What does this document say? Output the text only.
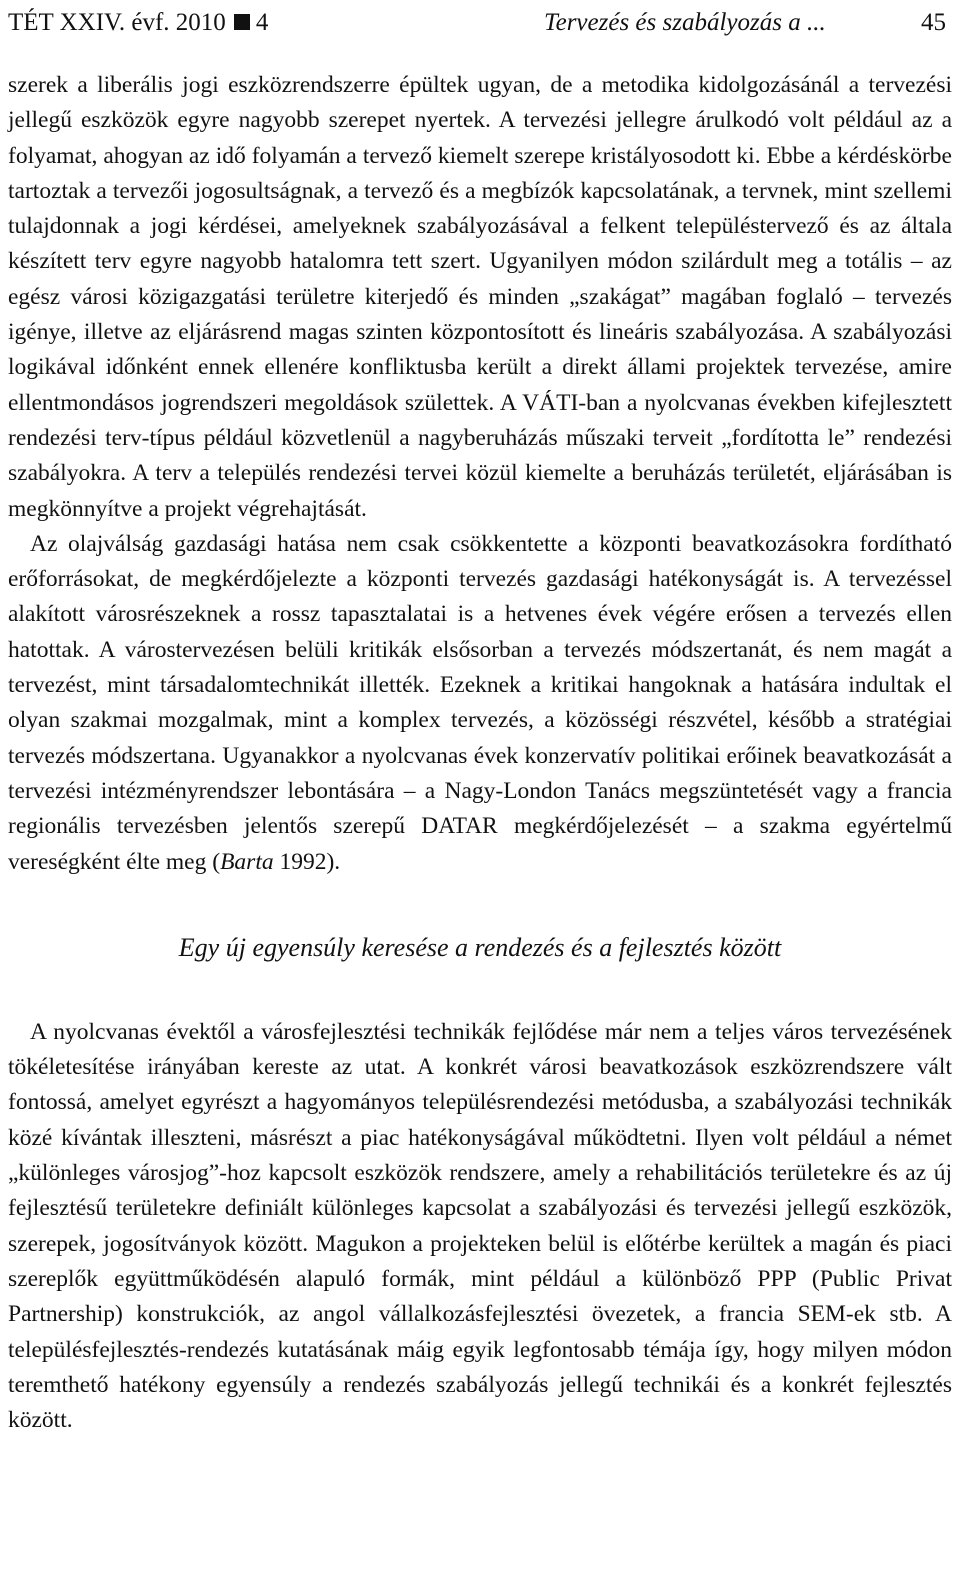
TÉT XXIV. évf. 2010 4	Tervezés és szabályozás a ...	45

szerek a liberális jogi eszközrendszerre épültek ugyan, de a metodika kidolgozásánál a tervezési jellegű eszközök egyre nagyobb szerepet nyertek. A tervezési jellegre árulkodó volt például az a folyamat, ahogyan az idő folyamán a tervező kiemelt szerepe kristályosodott ki. Ebbe a kérdéskörbe tartoztak a tervezői jogosultságnak, a tervező és a megbízók kapcsolatának, a tervnek, mint szellemi tulajdonnak a jogi kérdései, amelyeknek szabályozásával a felkent településtervező és az általa készített terv egyre nagyobb hatalomra tett szert. Ugyanilyen módon szilárdult meg a totális – az egész városi közigazgatási területre kiterjedő és minden „szakágat” magában foglaló – tervezés igénye, illetve az eljárásrend magas szinten központosított és lineáris szabályozása. A szabályozási logikával időnként ennek ellenére konfliktusba került a direkt állami projektek tervezése, amire ellentmondásos jogrendszeri megoldások születtek. A VÁTI-ban a nyolcvanas években kifejlesztett rendezési terv-típus például közvetlenül a nagyberuházás műszaki terveit „fordította le” rendezési szabályokra. A terv a település rendezési tervei közül kiemelte a beruházás területét, eljárásában is megkönnyítve a projekt végrehajtását.

Az olajválság gazdasági hatása nem csak csökkentette a központi beavatkozásokra fordítható erőforrásokat, de megkérdőjelezte a központi tervezés gazdasági hatékonyságát is. A tervezéssel alakított városrészeknek a rossz tapasztalatai is a hetvenes évek végére erősen a tervezés ellen hatottak. A várostervezésen belüli kritikák elsősorban a tervezés módszertanát, és nem magát a tervezést, mint társadalomtechnikát illették. Ezeknek a kritikai hangoknak a hatására indultak el olyan szakmai mozgalmak, mint a komplex tervezés, a közösségi részvétel, később a stratégiai tervezés módszertana. Ugyanakkor a nyolcvanas évek konzervatív politikai erőinek beavatkozását a tervezési intézményrendszer lebontására – a Nagy-London Tanács megszüntetését vagy a francia regionális tervezésben jelentős szerepű DATAR megkérdőjelezését – a szakma egyértelmű vereségként élte meg (Barta 1992).

Egy új egyensúly keresése a rendezés és a fejlesztés között

A nyolcvanas évektől a városfejlesztési technikák fejlődése már nem a teljes város tervezésének tökéletesítése irányában kereste az utat. A konkrét városi beavatkozások eszközrendszere vált fontossá, amelyet egyrészt a hagyományos településrendezési metódusba, a szabályozási technikák közé kívántak illeszteni, másrészt a piac hatékonyságával működtetni. Ilyen volt például a német „különleges városjog”-hoz kapcsolt eszközök rendszere, amely a rehabilitációs területekre és az új fejlesztésű területekre definiált különleges kapcsolat a szabályozási és tervezési jellegű eszközök, szerepek, jogosítványok között. Magukon a projekteken belül is előtérbe kerültek a magán és piaci szereplők együttműködésén alapuló formák, mint például a különböző PPP (Public Privat Partnership) konstrukciók, az angol vállalkozásfejlesztési övezetek, a francia SEM-ek stb. A településfejlesztés-rendezés kutatásának máig egyik legfontosabb témája így, hogy milyen módon teremthető hatékony egyensúly a rendezés szabályozás jellegű technikái és a konkrét fejlesztés között.
